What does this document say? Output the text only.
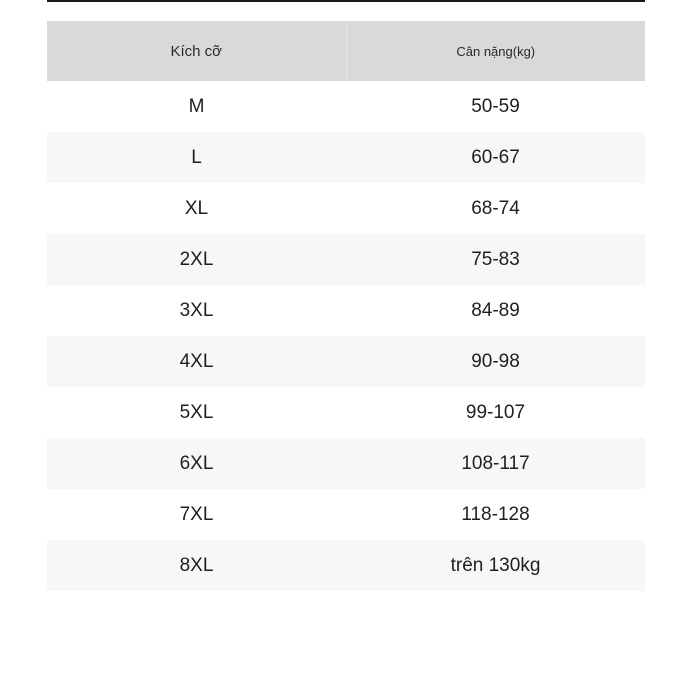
Kích cỡ	Cân nặng(kg)
M	50-59
L	60-67
XL	68-74
2XL	75-83
3XL	84-89
4XL	90-98
5XL	99-107
6XL	108-117
7XL	118-128
8XL	trên 130kg
